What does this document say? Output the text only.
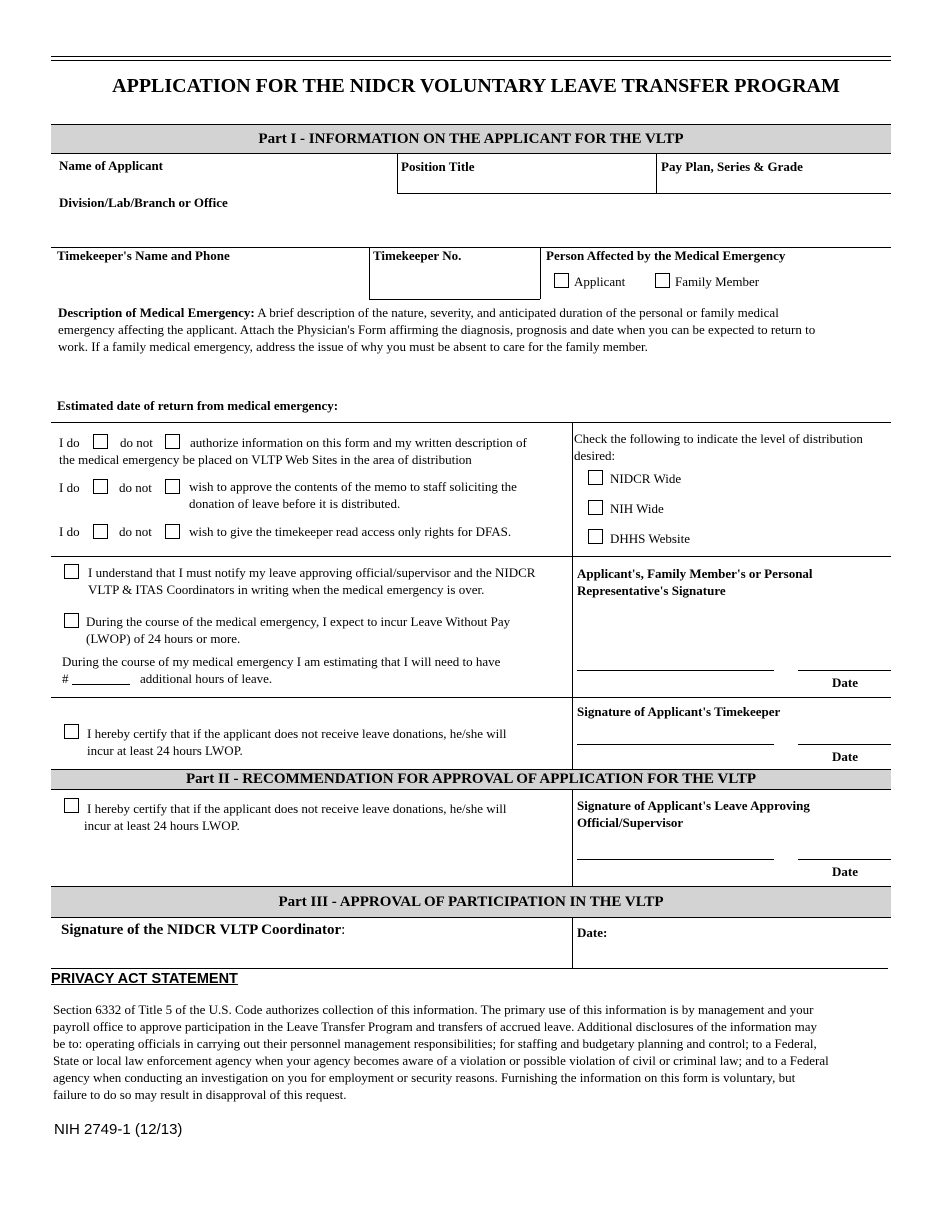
APPLICATION FOR THE NIDCR VOLUNTARY LEAVE TRANSFER PROGRAM
Part I - INFORMATION ON THE APPLICANT FOR THE VLTP
Name of Applicant	Position Title	Pay Plan, Series & Grade
Division/Lab/Branch or Office
Timekeeper's Name and Phone	Timekeeper No.	Person Affected by the Medical Emergency
Applicant	Family Member
Description of Medical Emergency: A brief description of the nature, severity, and anticipated duration of the personal or family medical
emergency affecting the applicant. Attach the Physician's Form affirming the diagnosis, prognosis and date when you can be expected to return to
work. If a family medical emergency, address the issue of why you must be absent to care for the family member.
Estimated date of return from medical emergency:
I do	do not	authorize information on this form and my written description of
the medical emergency be placed on VLTP Web Sites in the area of distribution
I do	do not	wish to approve the contents of the memo to staff soliciting the
donation of leave before it is distributed.
I do	do not	wish to give the timekeeper read access only rights for DFAS.
Check the following to indicate the level of distribution
desired:
NIDCR Wide
NIH Wide
DHHS Website
I understand that I must notify my leave approving official/supervisor and the NIDCR
VLTP & ITAS Coordinators in writing when the medical emergency is over.
During the course of the medical emergency, I expect to incur Leave Without Pay
(LWOP) of 24 hours or more.
During the course of my medical emergency I am estimating that I will need to have
#	additional hours of leave.
Applicant's, Family Member's or Personal
Representative's Signature
Date
I hereby certify that if the applicant does not receive leave donations, he/she will
incur at least 24 hours LWOP.
Signature of Applicant's Timekeeper
Date
Part II - RECOMMENDATION FOR APPROVAL OF APPLICATION FOR THE VLTP
I hereby certify that if the applicant does not receive leave donations, he/she will
incur at least 24 hours LWOP.
Signature of Applicant's Leave Approving
Official/Supervisor
Date
Part III - APPROVAL OF PARTICIPATION IN THE VLTP
Signature of the NIDCR VLTP Coordinator:	Date:
PRIVACY ACT STATEMENT
Section 6332 of Title 5 of the U.S. Code authorizes collection of this information. The primary use of this information is by management and your
payroll office to approve participation in the Leave Transfer Program and transfers of accrued leave. Additional disclosures of the information may
be to: operating officials in carrying out their personnel management responsibilities; for staffing and budgetary planning and control; to a Federal,
State or local law enforcement agency when your agency becomes aware of a violation or possible violation of civil or criminal law; and to a Federal
agency when conducting an investigation on you for employment or security reasons. Furnishing the information on this form is voluntary, but
failure to do so may result in disapproval of this request.
NIH 2749-1 (12/13)
